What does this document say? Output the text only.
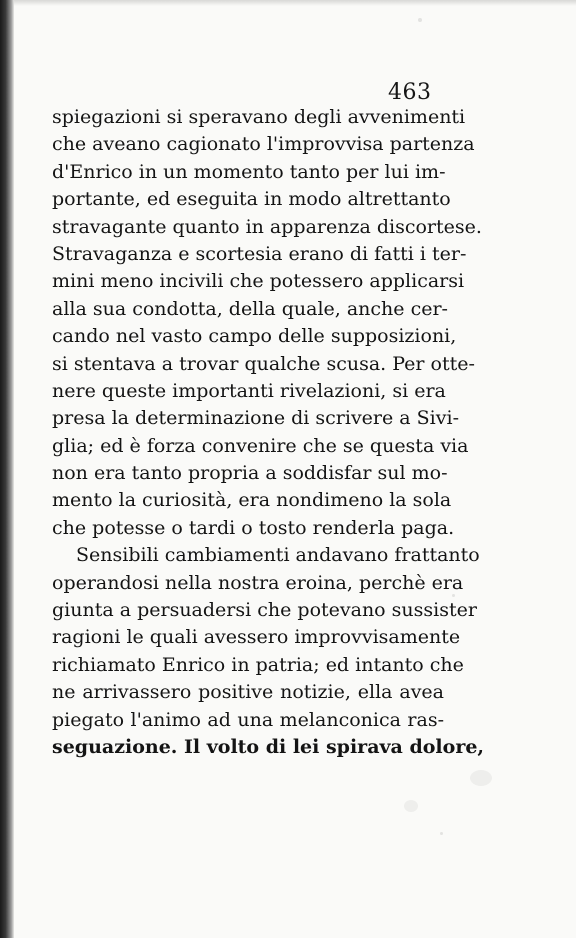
463
spiegazioni si speravano degli avvenimenti
che aveano cagionato l'improvvisa partenza
d'Enrico in un momento tanto per lui im-
portante, ed eseguita in modo altrettanto
stravagante quanto in apparenza discortese.
Stravaganza e scortesia erano di fatti i ter-
mini meno incivili che potessero applicarsi
alla sua condotta, della quale, anche cer-
cando nel vasto campo delle supposizioni,
si stentava a trovar qualche scusa. Per otte-
nere queste importanti rivelazioni, si era
presa la determinazione di scrivere a Sivi-
glia; ed è forza convenire che se questa via
non era tanto propria a soddisfar sul mo-
mento la curiosità, era nondimeno la sola
che potesse o tardi o tosto renderla paga.
Sensibili cambiamenti andavano frattanto
operandosi nella nostra eroina, perchè era
giunta a persuadersi che potevano sussister
ragioni le quali avessero improvvisamente
richiamato Enrico in patria; ed intanto che
ne arrivassero positive notizie, ella avea
piegato l'animo ad una melanconica ras-
seguazione. Il volto di lei spirava dolore,
